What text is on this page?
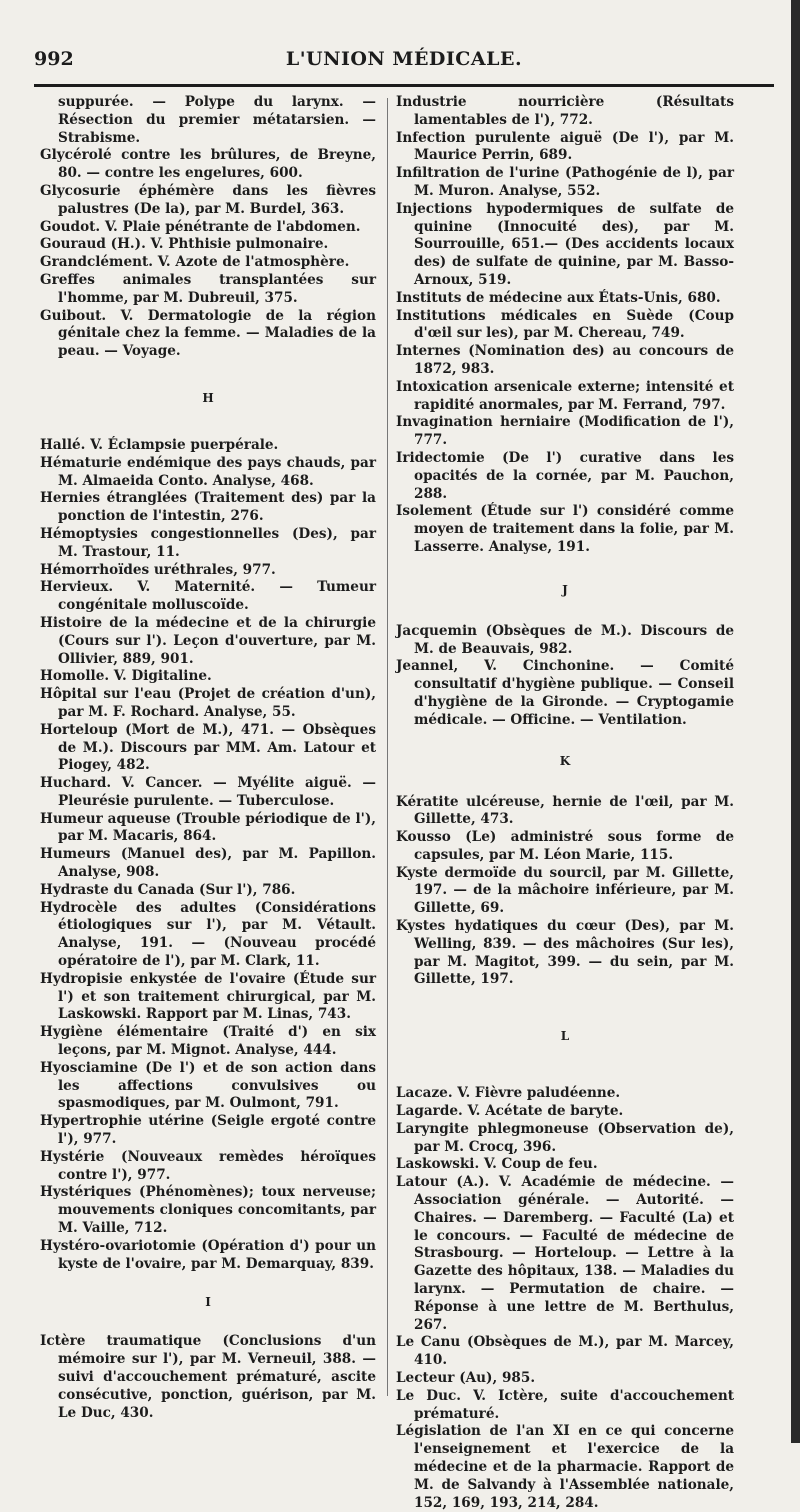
992	L'UNION MÉDICALE.

suppurée. — Polype du larynx. — Résection du premier métatarsien. — Strabisme.

Glycérolé contre les brûlures, de Breyne, 80. — contre les engelures, 600.

Glycosurie éphémère dans les fièvres palustres (De la), par M. Burdel, 363.

Goudot. V. Plaie pénétrante de l'abdomen.

Gouraud (H.). V. Phthisie pulmonaire.

Grandclément. V. Azote de l'atmosphère.

Greffes animales transplantées sur l'homme, par M. Dubreuil, 375.

Guibout. V. Dermatologie de la région génitale chez la femme. — Maladies de la peau. — Voyage.

H

Hallé. V. Éclampsie puerpérale.

Hématurie endémique des pays chauds, par M. Almaeida Conto. Analyse, 468.

Hernies étranglées (Traitement des) par la ponction de l'intestin, 276.

Hémoptysies congestionnelles (Des), par M. Trastour, 11.

Hémorrhoïdes uréthrales, 977.

Hervieux. V. Maternité. — Tumeur congénitale molluscoïde.

Histoire de la médecine et de la chirurgie (Cours sur l'). Leçon d'ouverture, par M. Ollivier, 889, 901.

Homolle. V. Digitaline.

Hôpital sur l'eau (Projet de création d'un), par M. F. Rochard. Analyse, 55.

Horteloup (Mort de M.), 471. — Obsèques de M.). Discours par MM. Am. Latour et Piogey, 482.

Huchard. V. Cancer. — Myélite aiguë. — Pleurésie purulente. — Tuberculose.

Humeur aqueuse (Trouble périodique de l'), par M. Macaris, 864.

Humeurs (Manuel des), par M. Papillon. Analyse, 908.

Hydraste du Canada (Sur l'), 786.

Hydrocèle des adultes (Considérations étiologiques sur l'), par M. Vétault. Analyse, 191. — (Nouveau procédé opératoire de l'), par M. Clark, 11.

Hydropisie enkystée de l'ovaire (Étude sur l') et son traitement chirurgical, par M. Laskowski. Rapport par M. Linas, 743.

Hygiène élémentaire (Traité d') en six leçons, par M. Mignot. Analyse, 444.

Hyosciamine (De l') et de son action dans les affections convulsives ou spasmodiques, par M. Oulmont, 791.

Hypertrophie utérine (Seigle ergoté contre l'), 977.

Hystérie (Nouveaux remèdes héroïques contre l'), 977.

Hystériques (Phénomènes); toux nerveuse; mouvements cloniques concomitants, par M. Vaille, 712.

Hystéro-ovariotomie (Opération d') pour un kyste de l'ovaire, par M. Demarquay, 839.

I

Ictère traumatique (Conclusions d'un mémoire sur l'), par M. Verneuil, 388. — suivi d'accouchement prématuré, ascite consécutive, ponction, guérison, par M. Le Duc, 430.

Industrie nourricière (Résultats lamentables de l'), 772.

Infection purulente aiguë (De l'), par M. Maurice Perrin, 689.

Infiltration de l'urine (Pathogénie de l), par M. Muron. Analyse, 552.

Injections hypodermiques de sulfate de quinine (Innocuité des), par M. Sourrouille, 651.— (Des accidents locaux des) de sulfate de quinine, par M. Basso-Arnoux, 519.

Instituts de médecine aux États-Unis, 680.

Institutions médicales en Suède (Coup d'œil sur les), par M. Chereau, 749.

Internes (Nomination des) au concours de 1872, 983.

Intoxication arsenicale externe; intensité et rapidité anormales, par M. Ferrand, 797.

Invagination herniaire (Modification de l'), 777.

Iridectomie (De l') curative dans les opacités de la cornée, par M. Pauchon, 288.

Isolement (Étude sur l') considéré comme moyen de traitement dans la folie, par M. Lasserre. Analyse, 191.

J

Jacquemin (Obsèques de M.). Discours de M. de Beauvais, 982.

Jeannel, V. Cinchonine. — Comité consultatif d'hygiène publique. — Conseil d'hygiène de la Gironde. — Cryptogamie médicale. — Officine. — Ventilation.

K

Kératite ulcéreuse, hernie de l'œil, par M. Gillette, 473.

Kousso (Le) administré sous forme de capsules, par M. Léon Marie, 115.

Kyste dermoïde du sourcil, par M. Gillette, 197. — de la mâchoire inférieure, par M. Gillette, 69.

Kystes hydatiques du cœur (Des), par M. Welling, 839. — des mâchoires (Sur les), par M. Magitot, 399. — du sein, par M. Gillette, 197.

L

Lacaze. V. Fièvre paludéenne.

Lagarde. V. Acétate de baryte.

Laryngite phlegmoneuse (Observation de), par M. Crocq, 396.

Laskowski. V. Coup de feu.

Latour (A.). V. Académie de médecine. — Association générale. — Autorité. — Chaires. — Daremberg. — Faculté (La) et le concours. — Faculté de médecine de Strasbourg. — Horteloup. — Lettre à la Gazette des hôpitaux, 138. — Maladies du larynx. — Permutation de chaire. — Réponse à une lettre de M. Berthulus, 267.

Le Canu (Obsèques de M.), par M. Marcey, 410.

Lecteur (Au), 985.

Le Duc. V. Ictère, suite d'accouchement prématuré.

Législation de l'an XI en ce qui concerne l'enseignement et l'exercice de la médecine et de la pharmacie. Rapport de M. de Salvandy à l'Assemblée nationale, 152, 169, 193, 214, 284.
